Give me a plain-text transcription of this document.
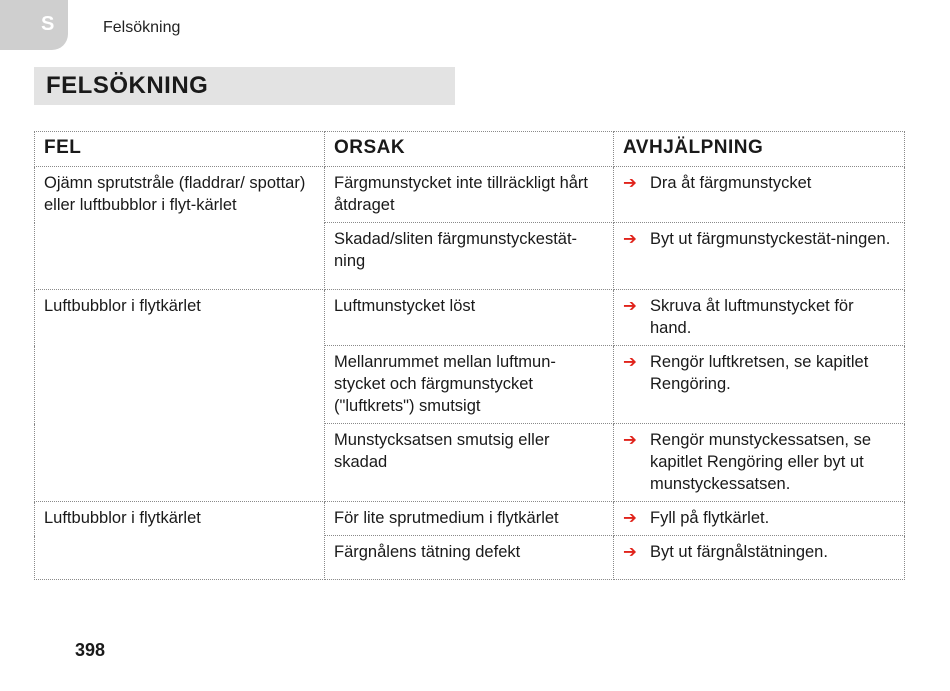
S	Felsökning
FELSÖKNING
FEL	ORSAK	AVHJÄLPNING
Ojämn sprutstråle (fladdrar/ spottar) eller luftbubblor i flyt-kärlet	Färgmunstycket inte tillräckligt hårt åtdraget	➔ Dra åt färgmunstycket
	Skadad/sliten färgmunstyckestät-ning	➔ Byt ut färgmunstyckestät-ningen.
Luftbubblor i flytkärlet	Luftmunstycket löst	➔ Skruva åt luftmunstycket för hand.
	Mellanrummet mellan luftmun-stycket och färgmunstycket ("luftkrets") smutsigt	➔ Rengör luftkretsen, se kapitlet Rengöring.
	Munstycksatsen smutsig eller skadad	➔ Rengör munstyckessatsen, se kapitlet Rengöring eller byt ut munstyckessatsen.
Luftbubblor i flytkärlet	För lite sprutmedium i flytkärlet	➔ Fyll på flytkärlet.
	Färgnålens tätning defekt	➔ Byt ut färgnålstätningen.
398
